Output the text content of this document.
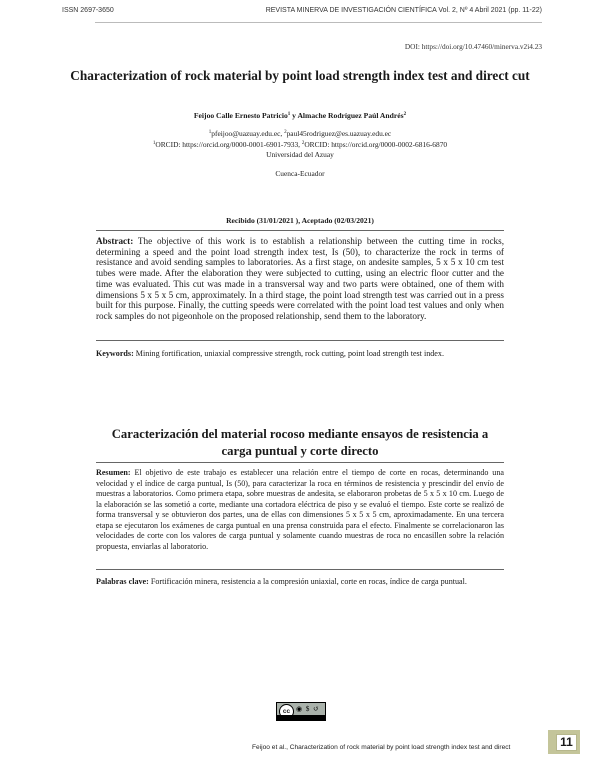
ISSN 2697-3650	REVISTA MINERVA DE INVESTIGACIÓN CIENTÍFICA Vol. 2, Nº 4 Abril 2021 (pp. 11-22)
DOI: https://doi.org/10.47460/minerva.v2i4.23
Characterization of rock material by point load strength index test and direct cut
Feijoo Calle Ernesto Patricio$^1$ y Almache Rodríguez Paúl Andrés$^2$
$^1$pfeijoo@uazuay.edu.ec, $^2$paul45rodriguez@es.uazuay.edu.ec
$^1$ORCID: https://orcid.org/0000-0001-6901-7933, $^2$ORCID: https://orcid.org/0000-0002-6816-6870
Universidad del Azuay
Cuenca-Ecuador
Recibido (31/01/2021 ), Aceptado (02/03/2021)
Abstract: The objective of this work is to establish a relationship between the cutting time in rocks, determining a speed and the point load strength index test, Is (50), to characterize the rock in terms of resistance and avoid sending samples to laboratories. As a first stage, on andesite samples, 5 x 5 x 10 cm test tubes were made. After the elaboration they were subjected to cutting, using an electric floor cutter and the time was evaluated. This cut was made in a transversal way and two parts were obtained, one of them with dimensions 5 x 5 x 5 cm, approximately. In a third stage, the point load strength test was carried out in a press built for this purpose. Finally, the cutting speeds were correlated with the point load test values and only when rock samples do not pigeonhole on the proposed relationship, send them to the laboratory.
Keywords: Mining fortification, uniaxial compressive strength, rock cutting, point load strength test index.
Caracterización del material rocoso mediante ensayos de resistencia a carga puntual y corte directo
Resumen: El objetivo de este trabajo es establecer una relación entre el tiempo de corte en rocas, determinando una velocidad y el índice de carga puntual, Is (50), para caracterizar la roca en términos de resistencia y prescindir del envío de muestras a laboratorios. Como primera etapa, sobre muestras de andesita, se elaboraron probetas de 5 x 5 x 10 cm. Luego de la elaboración se las sometió a corte, mediante una cortadora eléctrica de piso y se evaluó el tiempo. Este corte se realizó de forma transversal y se obtuvieron dos partes, una de ellas con dimensiones 5 x 5 x 5 cm, aproximadamente. En una tercera etapa se ejecutaron los exámenes de carga puntual en una prensa construida para el efecto. Finalmente se correlacionaron las velocidades de corte con los valores de carga puntual y solamente cuando muestras de roca no encasillen sobre la relación propuesta, enviarlas al laboratorio.
Palabras clave: Fortificación minera, resistencia a la compresión uniaxial, corte en rocas, índice de carga puntual.
cc ◉ $ ↺
Feijoo et al., Characterization of rock material by point load strength index test and direct	11
